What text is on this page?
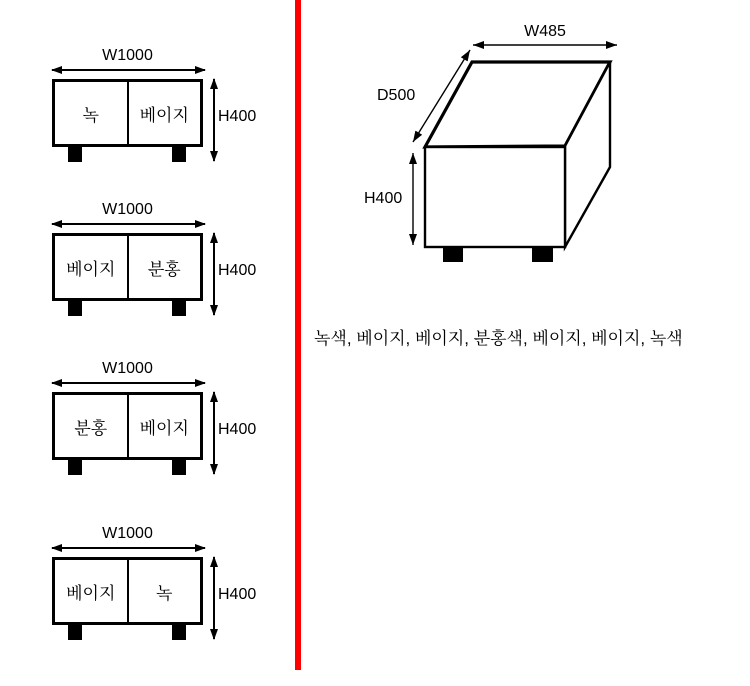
W1000
녹	베이지	H400
W1000
베이지	분홍	H400
W1000
분홍	베이지	H400
W1000
베이지	녹	H400
W485
D500
H400
녹색, 베이지, 베이지, 분홍색, 베이지, 베이지, 녹색
